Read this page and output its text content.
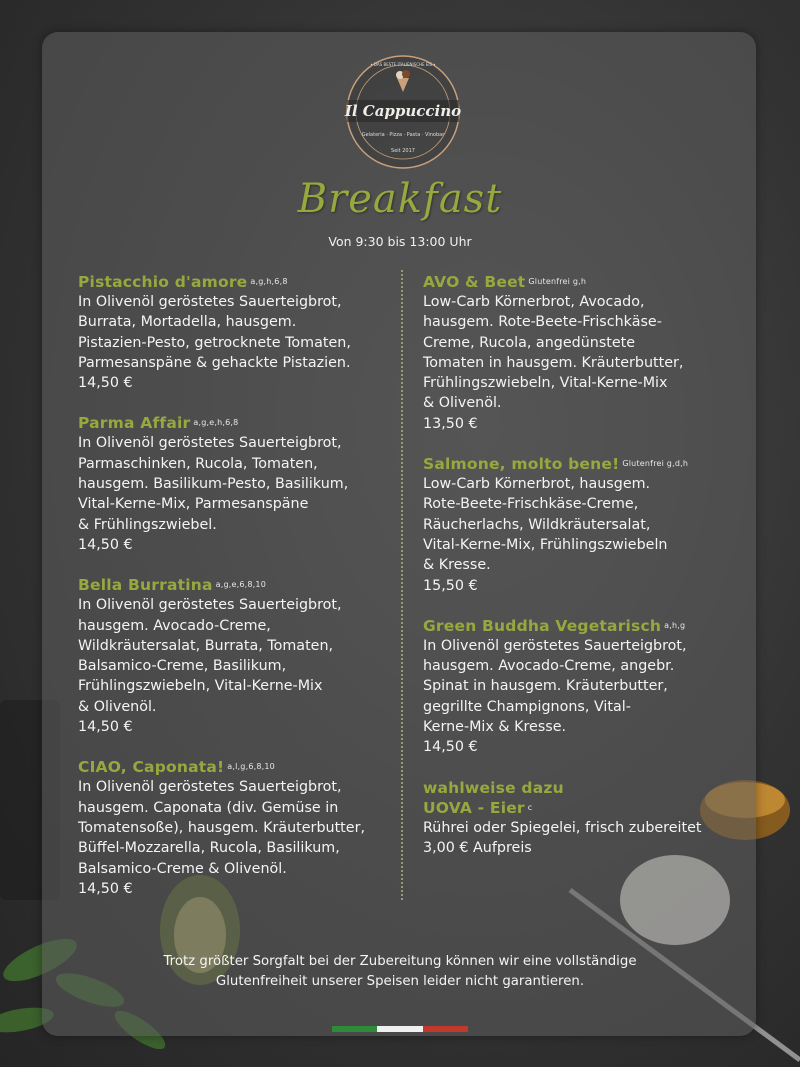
Il Cappuccino
Gelateria · Pizza · Pasta · Vinobar
Seit 2017
• DAS BESTE ITALIENISCHE EIS •
Breakfast
Von 9:30 bis 13:00 Uhr
Pistacchio d'amore $^{a,g,h,6,8}$
In Olivenöl geröstetes Sauerteigbrot,
Burrata, Mortadella, hausgem.
Pistazien-Pesto, getrocknete Tomaten,
Parmesanspäne & gehackte Pistazien.
14,50 €
Parma Affair $^{a,g,e,h,6,8}$
In Olivenöl geröstetes Sauerteigbrot,
Parmaschinken, Rucola, Tomaten,
hausgem. Basilikum-Pesto, Basilikum,
Vital-Kerne-Mix, Parmesanspäne
& Frühlingszwiebel.
14,50 €
Bella Burratina $^{a,g,e,6,8,10}$
In Olivenöl geröstetes Sauerteigbrot,
hausgem. Avocado-Creme,
Wildkräutersalat, Burrata, Tomaten,
Balsamico-Creme, Basilikum,
Frühlingszwiebeln, Vital-Kerne-Mix
& Olivenöl.
14,50 €
CIAO, Caponata! $^{a,l,g,6,8,10}$
In Olivenöl geröstetes Sauerteigbrot,
hausgem. Caponata (div. Gemüse in
Tomatensoße), hausgem. Kräuterbutter,
Büffel-Mozzarella, Rucola, Basilikum,
Balsamico-Creme & Olivenöl.
14,50 €
AVO & Beet $^{Glutenfrei g,h}$
Low-Carb Körnerbrot, Avocado,
hausgem. Rote-Beete-Frischkäse-
Creme, Rucola, angedünstete
Tomaten in hausgem. Kräuterbutter,
Frühlingszwiebeln, Vital-Kerne-Mix
& Olivenöl.
13,50 €
Salmone, molto bene! $^{Glutenfrei g,d,h}$
Low-Carb Körnerbrot, hausgem.
Rote-Beete-Frischkäse-Creme,
Räucherlachs, Wildkräutersalat,
Vital-Kerne-Mix, Frühlingszwiebeln
& Kresse.
15,50 €
Green Buddha Vegetarisch $^{a,h,g}$
In Olivenöl geröstetes Sauerteigbrot,
hausgem. Avocado-Creme, angebr.
Spinat in hausgem. Kräuterbutter,
gegrillte Champignons, Vital-
Kerne-Mix & Kresse.
14,50 €
wahlweise dazu
UOVA - Eier $^c$
Rührei oder Spiegelei, frisch zubereitet
3,00 € Aufpreis
Trotz größter Sorgfalt bei der Zubereitung können wir eine vollständige
Glutenfreiheit unserer Speisen leider nicht garantieren.
